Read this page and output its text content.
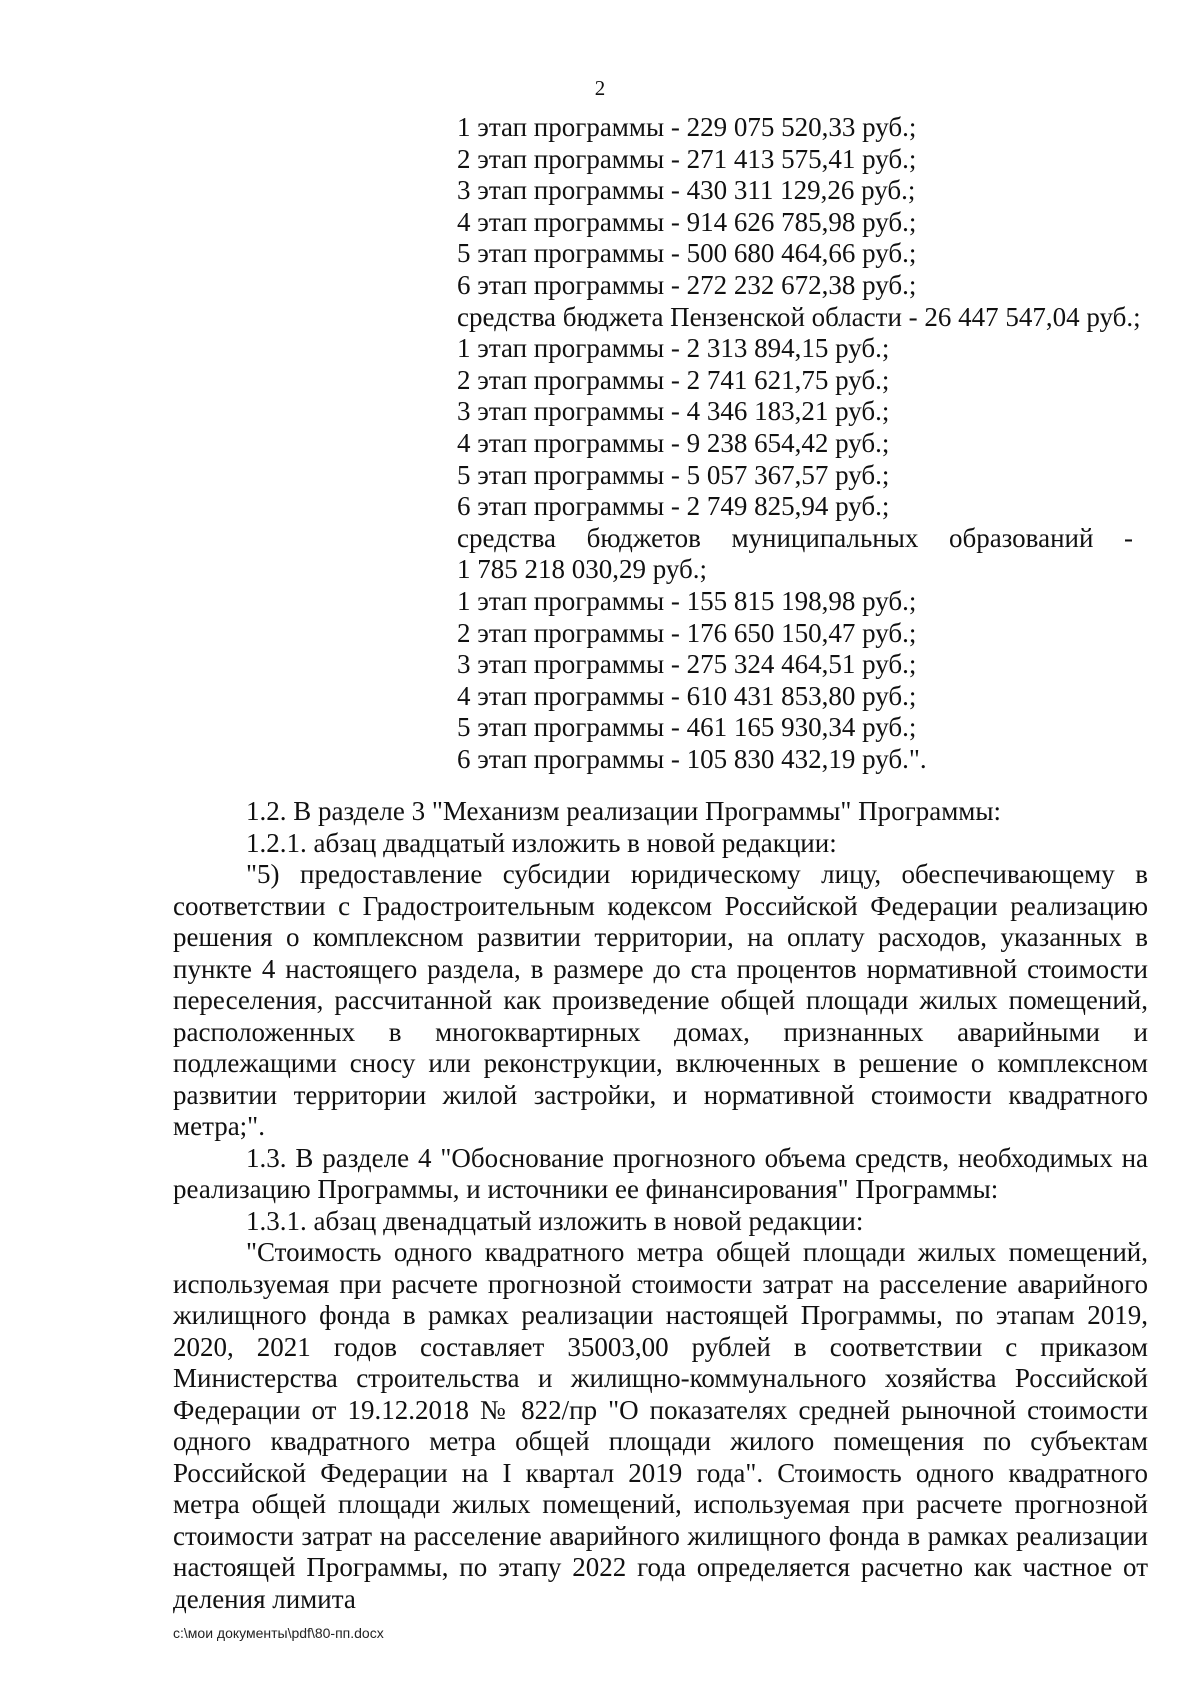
2
1 этап программы - 229 075 520,33 руб.;
2 этап программы - 271 413 575,41 руб.;
3 этап программы - 430 311 129,26 руб.;
4 этап программы - 914 626 785,98 руб.;
5 этап программы - 500 680 464,66 руб.;
6 этап программы - 272 232 672,38 руб.;
средства бюджета Пензенской области - 26 447 547,04 руб.;
1 этап программы - 2 313 894,15 руб.;
2 этап программы - 2 741 621,75 руб.;
3 этап программы - 4 346 183,21 руб.;
4 этап программы - 9 238 654,42 руб.;
5 этап программы - 5 057 367,57 руб.;
6 этап программы - 2 749 825,94 руб.;
средства бюджетов муниципальных образований -
1 785 218 030,29 руб.;
1 этап программы - 155 815 198,98 руб.;
2 этап программы - 176 650 150,47 руб.;
3 этап программы - 275 324 464,51 руб.;
4 этап программы - 610 431 853,80 руб.;
5 этап программы - 461 165 930,34 руб.;
6 этап программы - 105 830 432,19 руб.".

1.2. В разделе 3 "Механизм реализации Программы" Программы:

1.2.1. абзац двадцатый изложить в новой редакции:

"5) предоставление субсидии юридическому лицу, обеспечивающему в соответствии с Градостроительным кодексом Российской Федерации реализацию решения о комплексном развитии территории, на оплату расходов, указанных в пункте 4 настоящего раздела, в размере до ста процентов нормативной стоимости переселения, рассчитанной как произведение общей площади жилых помещений, расположенных в многоквартирных домах, признанных аварийными и подлежащими сносу или реконструкции, включенных в решение о комплексном развитии территории жилой застройки, и нормативной стоимости квадратного метра;".

1.3. В разделе 4 "Обоснование прогнозного объема средств, необходимых на реализацию Программы, и источники ее финансирования" Программы:

1.3.1. абзац двенадцатый изложить в новой редакции:

"Стоимость одного квадратного метра общей площади жилых помещений, используемая при расчете прогнозной стоимости затрат на расселение аварийного жилищного фонда в рамках реализации настоящей Программы, по этапам 2019, 2020, 2021 годов составляет 35003,00 рублей в соответствии с приказом Министерства строительства и жилищно-коммунального хозяйства Российской Федерации от 19.12.2018 № 822/пр "О показателях средней рыночной стоимости одного квадратного метра общей площади жилого помещения по субъектам Российской Федерации на I квартал 2019 года". Стоимость одного квадратного метра общей площади жилых помещений, используемая при расчете прогнозной стоимости затрат на расселение аварийного жилищного фонда в рамках реализации настоящей Программы, по этапу 2022 года определяется расчетно как частное от деления лимита

c:\мои документы\pdf\80-пп.docx
